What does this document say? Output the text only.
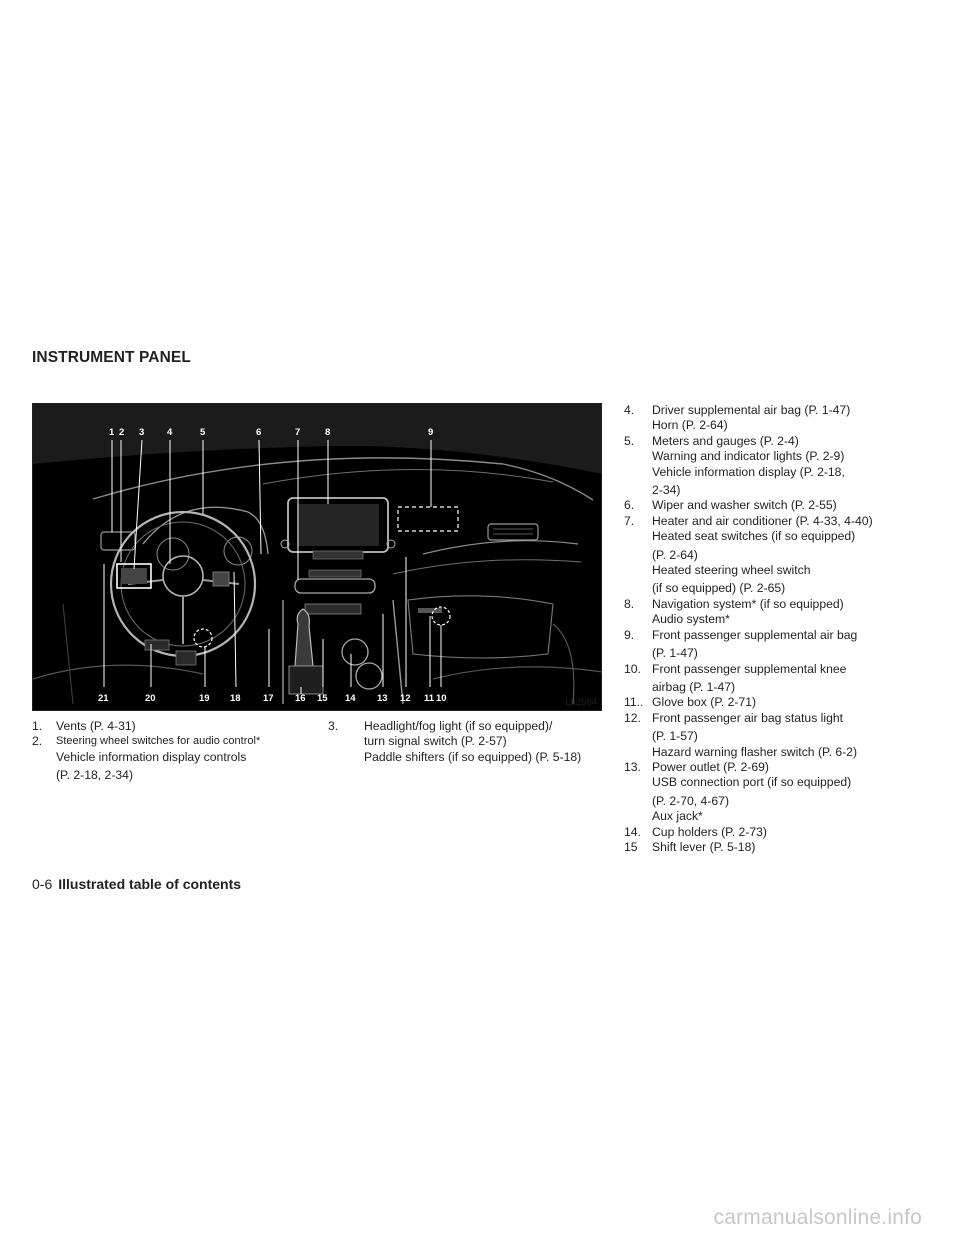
INSTRUMENT PANEL
1 2 3 4	5	6	7	8	9
21	20	19 18 17 16 15 14 13 12 11 10	LII2584
1.	Vents (P. 4-31)
2.	Steering wheel switches for audio control*
Vehicle information display controls
(P. 2-18, 2-34)
3.	Headlight/fog light (if so equipped)/
turn signal switch (P. 2-57)
Paddle shifters (if so equipped) (P. 5-18)
4.	Driver supplemental air bag (P. 1-47)
Horn (P. 2-64)
5.	Meters and gauges (P. 2-4)
Warning and indicator lights (P. 2-9)
Vehicle information display (P. 2-18,
2-34)
6.	Wiper and washer switch (P. 2-55)
7.	Heater and air conditioner (P. 4-33, 4-40)
Heated seat switches (if so equipped)
(P. 2-64)
Heated steering wheel switch
(if so equipped) (P. 2-65)
8.	Navigation system* (if so equipped)
Audio system*
9.	Front passenger supplemental air bag
(P. 1-47)
10. Front passenger supplemental knee
airbag (P. 1-47)
11.. Glove box (P. 2-71)
12. Front passenger air bag status light
(P. 1-57)
Hazard warning flasher switch (P. 6-2)
13. Power outlet (P. 2-69)
USB connection port (if so equipped)
(P. 2-70, 4-67)
Aux jack*
14. Cup holders (P. 2-73)
15	Shift lever (P. 5-18)
0-6 Illustrated table of contents
carmanualsonline.info
